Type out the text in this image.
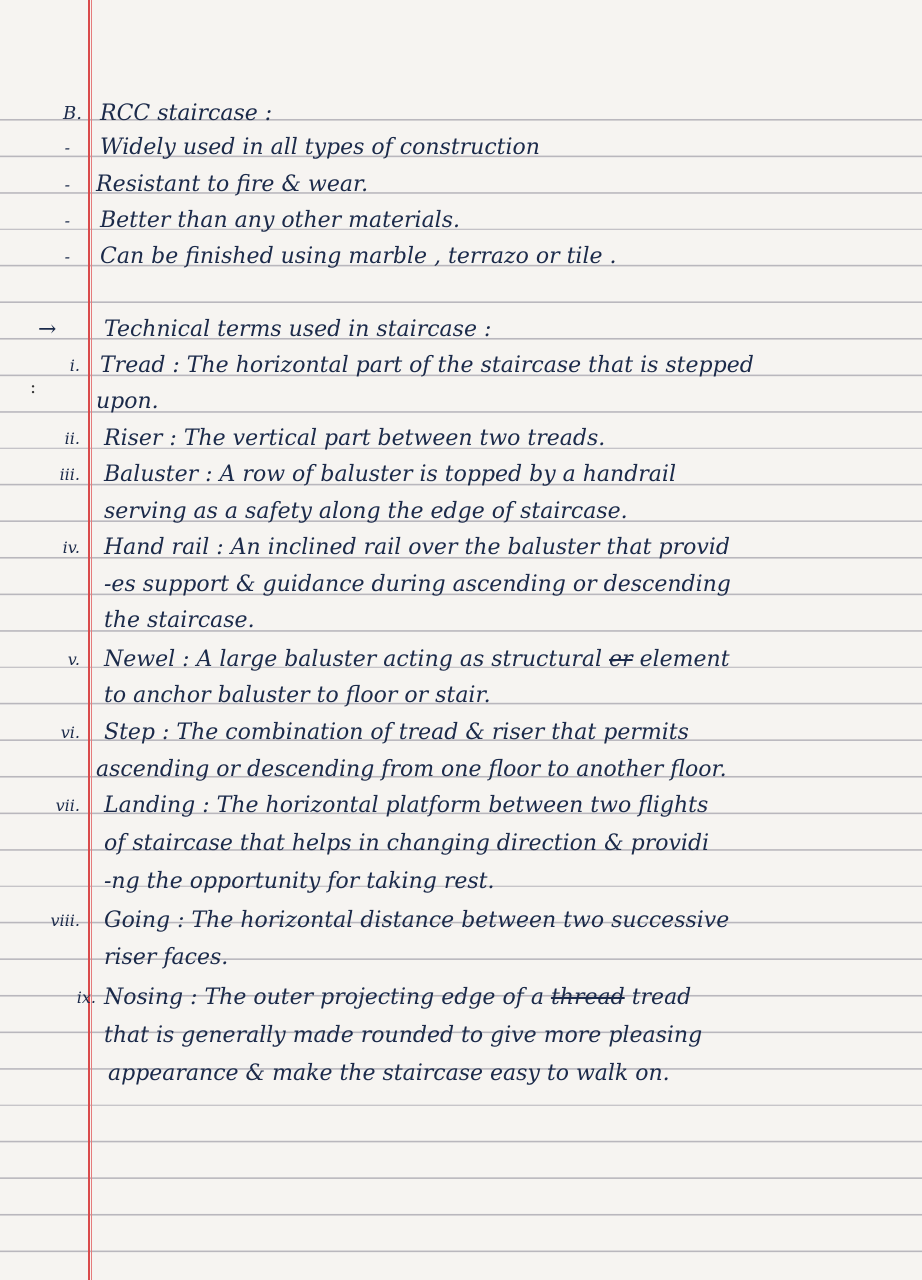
:
B. RCC staircase :
- Widely used in all types of construction
- Resistant to fire & wear.
- Better than any other materials.
- Can be finished using marble , terrazo or tile .
→ Technical terms used in staircase :
i. Tread : The horizontal part of the staircase that is stepped
upon.
ii. Riser : The vertical part between two treads.
iii. Baluster : A row of baluster is topped by a handrail
serving as a safety along the edge of staircase.
iv. Hand rail : An inclined rail over the baluster that provid
-es support & guidance during ascending or descending
the staircase.
v. Newel : A large baluster acting as structural er element
to anchor baluster to floor or stair.
vi. Step : The combination of tread & riser that permits
ascending or descending from one floor to another floor.
vii. Landing : The horizontal platform between two flights
of staircase that helps in changing direction & providi
-ng the opportunity for taking rest.
viii. Going : The horizontal distance between two successive
riser faces.
ix. Nosing : The outer projecting edge of a thread tread
that is generally made rounded to give more pleasing
appearance & make the staircase easy to walk on.
